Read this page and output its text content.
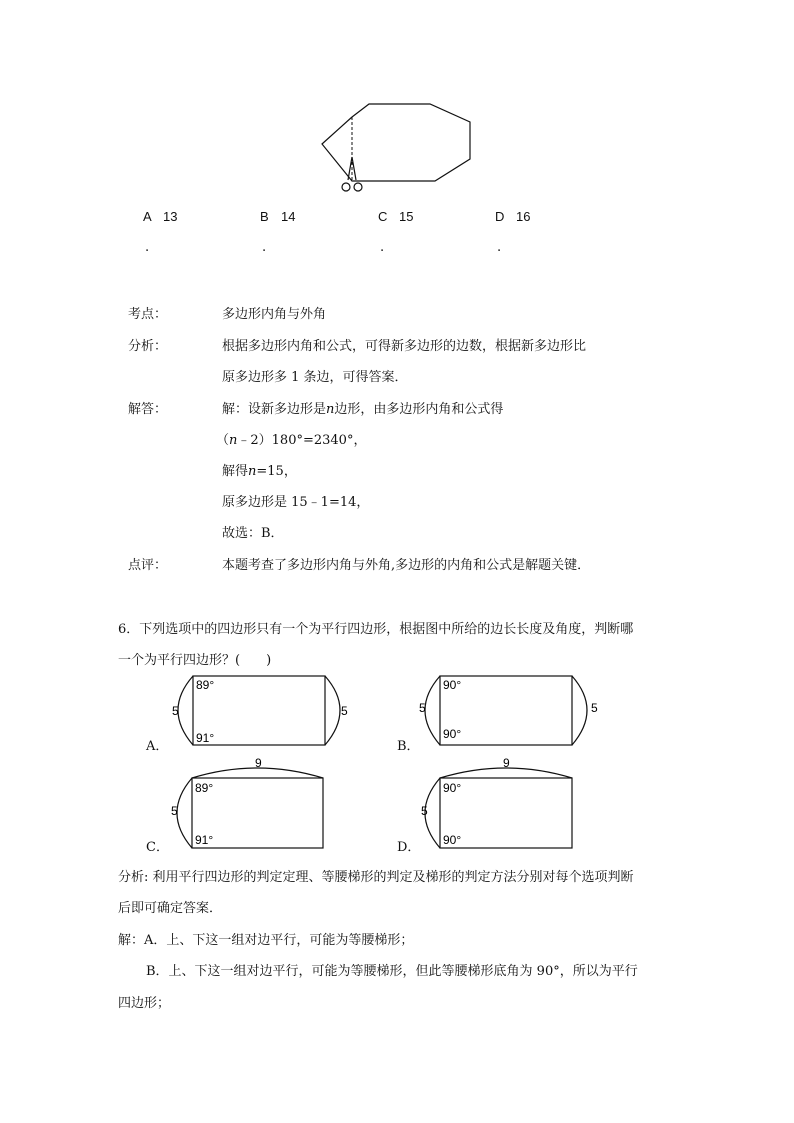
A 13
.
B 14
.
C 15
.
D 16
.
考点：	多边形内角与外角
分析：	根据多边形内角和公式，可得新多边形的边数，根据新多边形比
原多边形多 1 条边，可得答案．
解答：	解：设新多边形是n边形，由多边形内角和公式得
（n﹣2）180°=2340°，
解得n=15，
原多边形是 15﹣1=14，
故选：B．
点评：	本题考查了多边形内角与外角,多边形的内角和公式是解题关键．
6．下列选项中的四边形只有一个为平行四边形，根据图中所给的边长长度及角度，判断哪
一个为平行四边形？(　　)
A．
89°
91°
5	5
B．
90°
90°
5	5
C．
9
89°
91°
5
D．
9
90°
90°
5
分析: 利用平行四边形的判定定理、等腰梯形的判定及梯形的判定方法分别对每个选项判断
后即可确定答案．
解：A．上、下这一组对边平行，可能为等腰梯形；
B．上、下这一组对边平行，可能为等腰梯形，但此等腰梯形底角为 90°，所以为平行
四边形；
